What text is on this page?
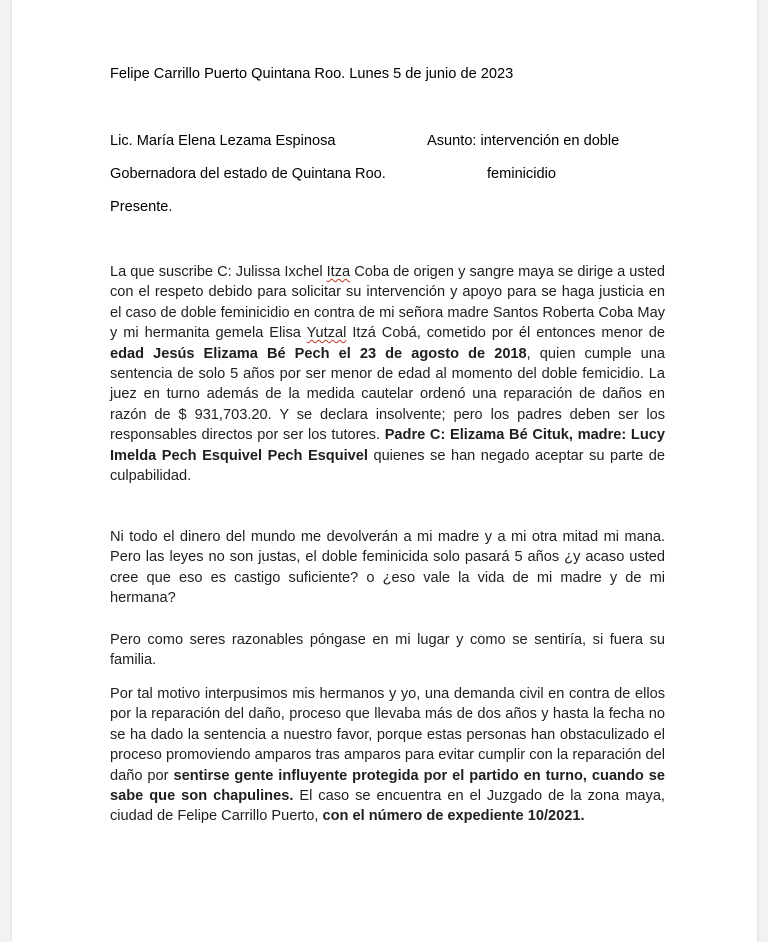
Felipe Carrillo Puerto Quintana Roo. Lunes 5 de junio de 2023
Lic. María Elena Lezama Espinosa	Asunto: intervención en doble
Gobernadora del estado de Quintana Roo.	feminicidio
Presente.
La que suscribe C: Julissa Ixchel Itza Coba de origen y sangre maya se dirige a usted con el respeto debido para solicitar su intervención y apoyo para se haga justicia en el caso de doble feminicidio en contra de mi señora madre Santos Roberta Coba May y mi hermanita gemela Elisa Yutzal Itzá Cobá, cometido por él entonces menor de edad Jesús Elizama Bé Pech el 23 de agosto de 2018, quien cumple una sentencia de solo 5 años por ser menor de edad al momento del doble femicidio. La juez en turno además de la medida cautelar ordenó una reparación de daños en razón de $ 931,703.20. Y se declara insolvente; pero los padres deben ser los responsables directos por ser los tutores. Padre C: Elizama Bé Cituk, madre: Lucy Imelda Pech Esquivel Pech Esquivel quienes se han negado aceptar su parte de culpabilidad.
Ni todo el dinero del mundo me devolverán a mi madre y a mi otra mitad mi mana. Pero las leyes no son justas, el doble feminicida solo pasará 5 años ¿y acaso usted cree que eso es castigo suficiente? o ¿eso vale la vida de mi madre y de mi hermana?
Pero como seres razonables póngase en mi lugar y como se sentiría, si fuera su familia.
Por tal motivo interpusimos mis hermanos y yo, una demanda civil en contra de ellos por la reparación del daño, proceso que llevaba más de dos años y hasta la fecha no se ha dado la sentencia a nuestro favor, porque estas personas han obstaculizado el proceso promoviendo amparos tras amparos para evitar cumplir con la reparación del daño por sentirse gente influyente protegida por el partido en turno, cuando se sabe que son chapulines. El caso se encuentra en el Juzgado de la zona maya, ciudad de Felipe Carrillo Puerto, con el número de expediente 10/2021.
